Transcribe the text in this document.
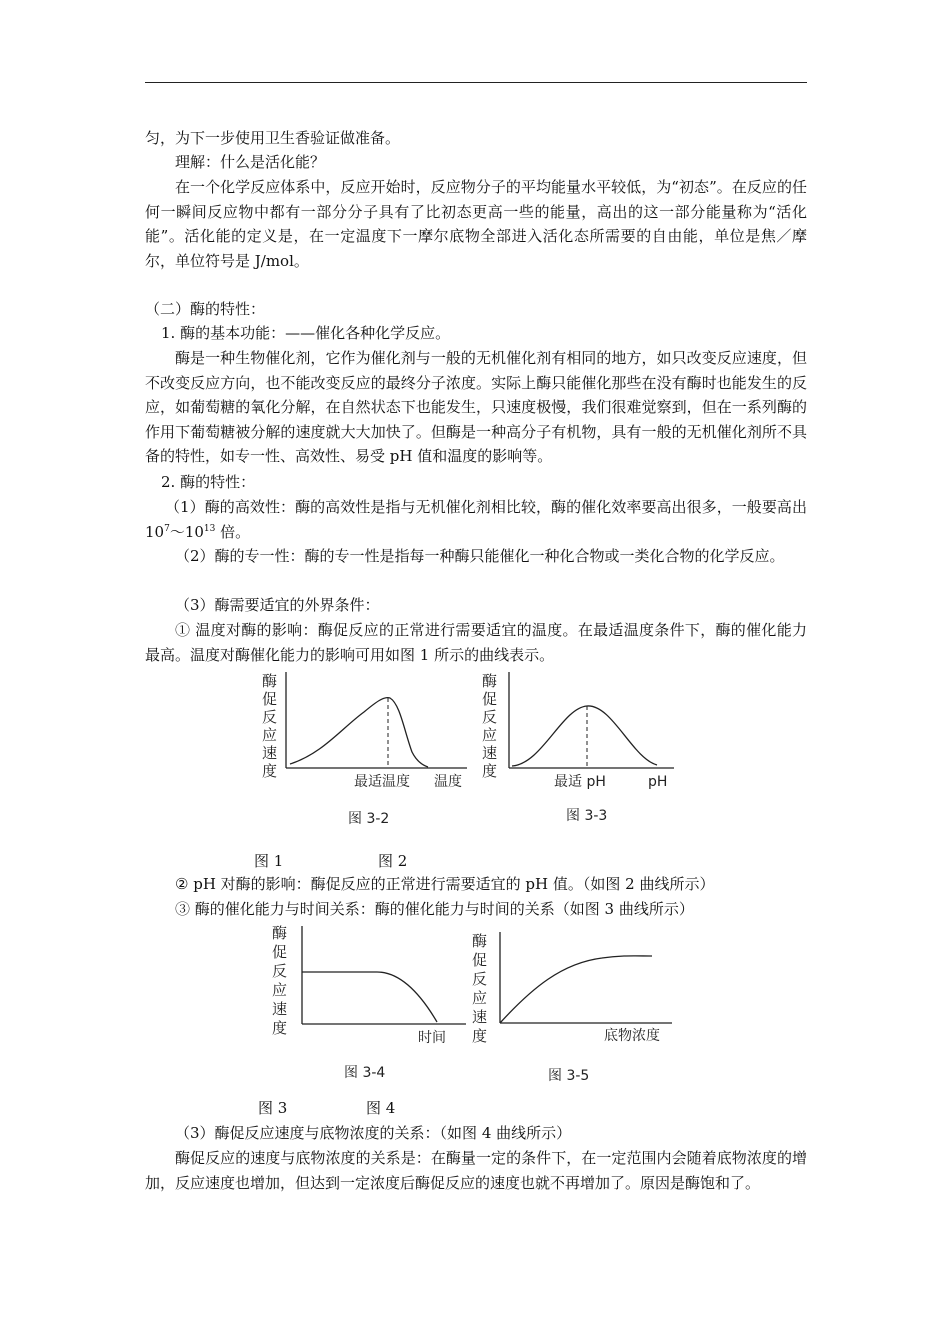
匀，为下一步使用卫生香验证做准备。

理解：什么是活化能？

在一个化学反应体系中，反应开始时，反应物分子的平均能量水平较低，为“初态”。在反应的任何一瞬间反应物中都有一部分分子具有了比初态更高一些的能量，高出的这一部分能量称为“活化能”。活化能的定义是，在一定温度下一摩尔底物全部进入活化态所需要的自由能，单位是焦／摩尔，单位符号是 J/mol。

（二）酶的特性：

1. 酶的基本功能：——催化各种化学反应。

酶是一种生物催化剂，它作为催化剂与一般的无机催化剂有相同的地方，如只改变反应速度，但不改变反应方向，也不能改变反应的最终分子浓度。实际上酶只能催化那些在没有酶时也能发生的反应，如葡萄糖的氧化分解，在自然状态下也能发生，只速度极慢，我们很难觉察到，但在一系列酶的作用下葡萄糖被分解的速度就大大加快了。但酶是一种高分子有机物，具有一般的无机催化剂所不具备的特性，如专一性、高效性、易受 pH 值和温度的影响等。

2. 酶的特性：

（1）酶的高效性：酶的高效性是指与无机催化剂相比较，酶的催化效率要高出很多，一般要高出 $10^7\sim 10^{13}$ 倍。

（2）酶的专一性：酶的专一性是指每一种酶只能催化一种化合物或一类化合物的化学反应。

（3）酶需要适宜的外界条件：

① 温度对酶的影响：酶促反应的正常进行需要适宜的温度。在最适温度条件下，酶的催化能力最高。温度对酶催化能力的影响可用如图 1 所示的曲线表示。

酶
促
反
应
速
度
最适温度 温度
图 3-2
酶
促
反
应
速
度
最适 pH	pH
图 3-3
图 1	图 2

② pH 对酶的影响：酶促反应的正常进行需要适宜的 pH 值。（如图 2 曲线所示）

③ 酶的催化能力与时间关系：酶的催化能力与时间的关系（如图 3 曲线所示）

酶
促
反
应
速
度
时间
图 3-4
酶
促
反
应
速
度	底物浓度
图 3-5
图 3	图 4

（3）酶促反应速度与底物浓度的关系：（如图 4 曲线所示）

酶促反应的速度与底物浓度的关系是：在酶量一定的条件下，在一定范围内会随着底物浓度的增加，反应速度也增加，但达到一定浓度后酶促反应的速度也就不再增加了。原因是酶饱和了。
